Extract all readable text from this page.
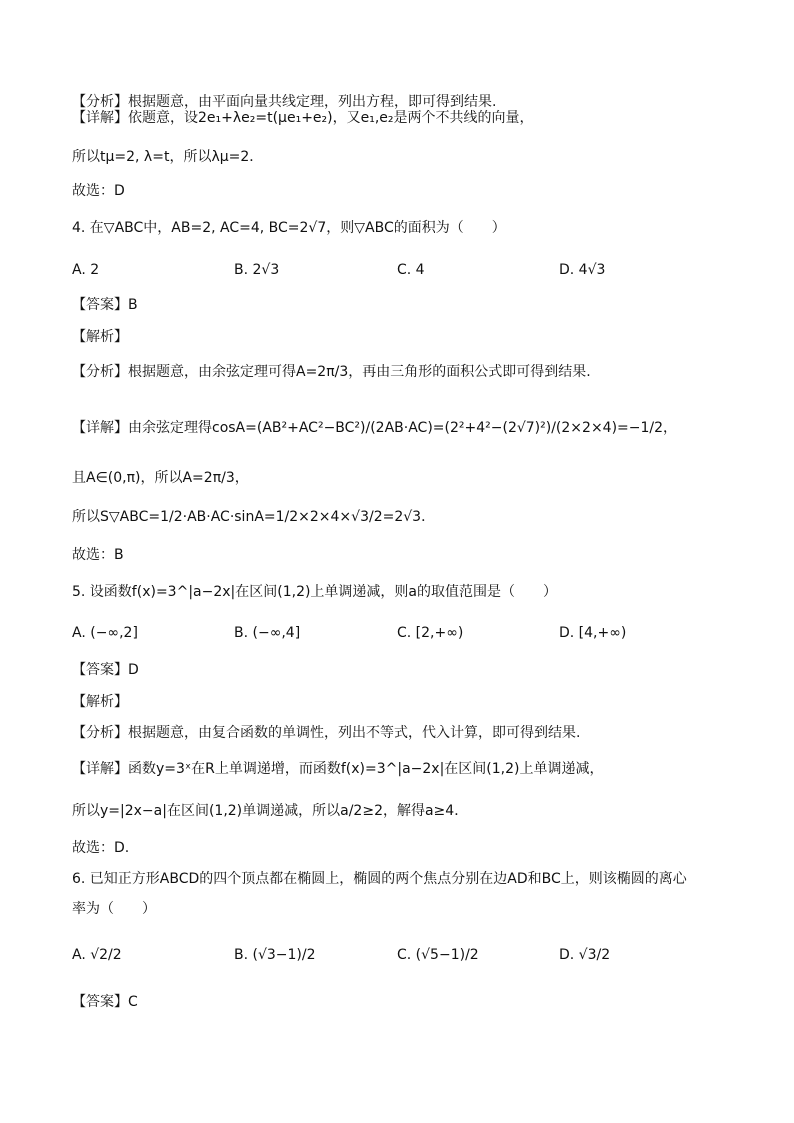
【分析】根据题意，由平面向量共线定理，列出方程，即可得到结果.
【详解】依题意，设2e₁+λe₂=t(μe₁+e₂)，又e₁,e₂是两个不共线的向量，
所以tμ=2, λ=t，所以λμ=2．
故选：D
4. 在▽ABC中，AB=2, AC=4, BC=2√7，则▽ABC的面积为（　　）
A. 2	B. 2√3	C. 4	D. 4√3
【答案】B
【解析】
【分析】根据题意，由余弦定理可得A=2π/3，再由三角形的面积公式即可得到结果.
【详解】由余弦定理得cosA=(AB²+AC²−BC²)/(2AB·AC)=(2²+4²−(2√7)²)/(2×2×4)=−1/2，
且A∈(0,π)，所以A=2π/3，
所以S▽ABC=1/2·AB·AC·sinA=1/2×2×4×√3/2=2√3．
故选：B
5. 设函数f(x)=3^|a−2x|在区间(1,2)上单调递减，则a的取值范围是（　　）
A. (−∞,2]	B. (−∞,4]	C. [2,+∞)	D. [4,+∞)
【答案】D
【解析】
【分析】根据题意，由复合函数的单调性，列出不等式，代入计算，即可得到结果.
【详解】函数y=3ˣ在R上单调递增，而函数f(x)=3^|a−2x|在区间(1,2)上单调递减，
所以y=|2x−a|在区间(1,2)单调递减，所以a/2≥2，解得a≥4．
故选：D.
6. 已知正方形ABCD的四个顶点都在椭圆上，椭圆的两个焦点分别在边AD和BC上，则该椭圆的离心
率为（　　）
A. √2/2	B. (√3−1)/2	C. (√5−1)/2	D. √3/2
【答案】C
